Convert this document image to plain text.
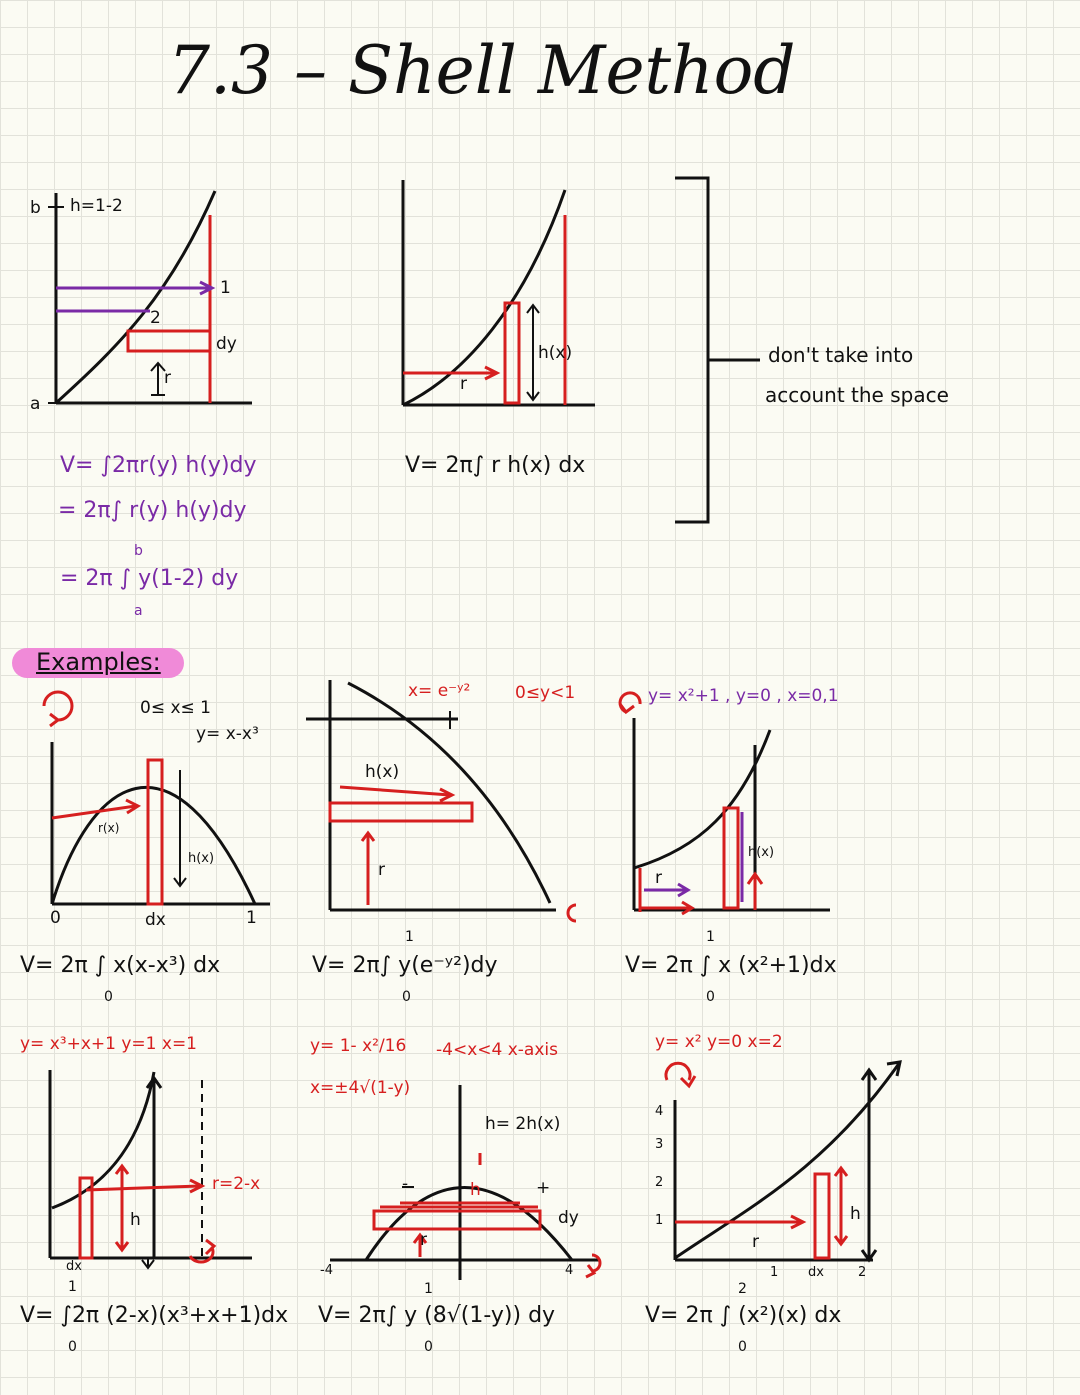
7.3 – Shell Method
b
a
h=1-2
1
2
dy
r	r
h(x)	don't take into
account the space
V= ∫2πr(y) h(y)dy
= 2π∫ r(y) h(y)dy
b
= 2π ∫ y(1-2) dy
a
V= 2π∫ r h(x) dx
Examples:
0≤ x≤ 1
y= x-x³
r(x)
h(x)
dx
0	1
V= 2π ∫ x(x-x³) dx
0
x= e⁻ʸ²	0≤y<1
h(x)
r
1
V= 2π∫ y(e⁻ʸ²)dy
0
y= x²+1 , y=0 , x=0,1
r
h(x)
1
V= 2π ∫ x (x²+1)dx
0
y= x³+x+1 y=1 x=1
r=2-x
h
dx
1
V= ∫2π (2-x)(x³+x+1)dx
0
y= 1- x²/16
x=±4√(1-y)
-4<x<4 x-axis
h= 2h(x)
-	+
h
r
dy
-4	4
1
V= 2π∫ y (8√(1-y)) dy
0
y= x² y=0 x=2
4
3
2
1
r
h
1 dx	2
2
V= 2π ∫ (x²)(x) dx
0
